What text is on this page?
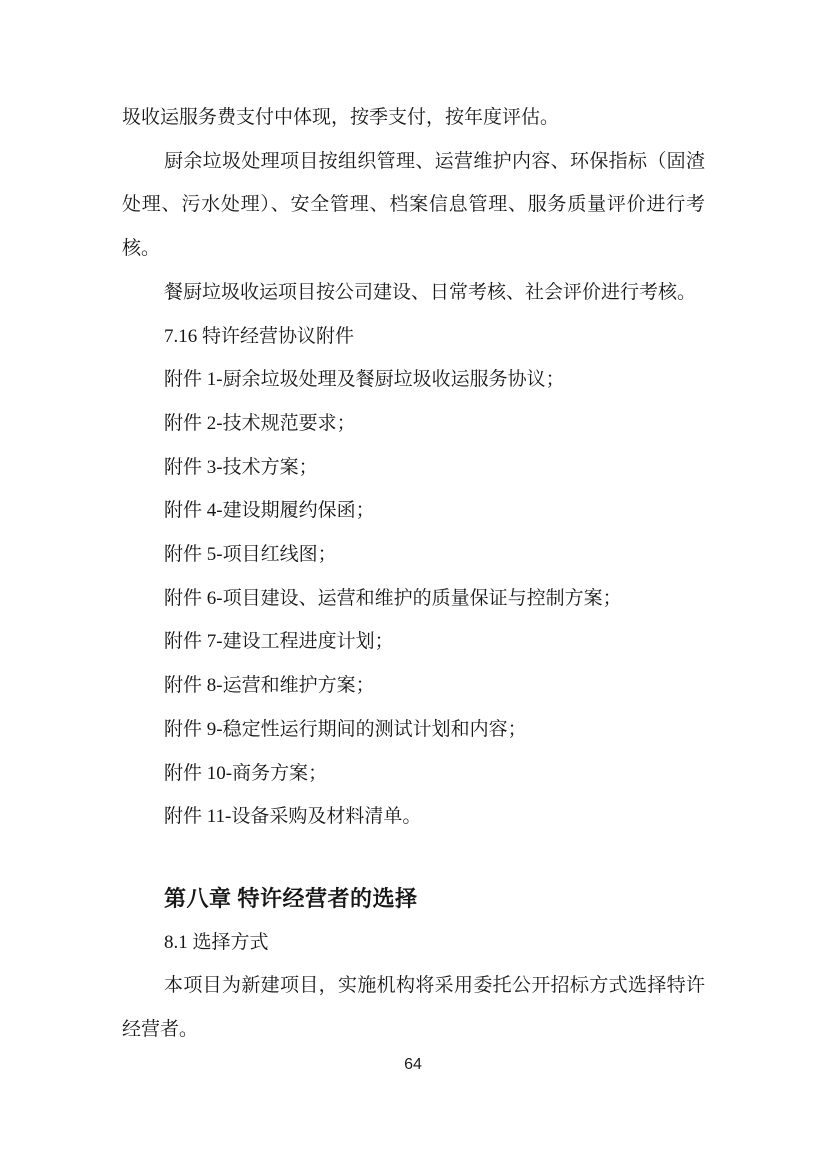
圾收运服务费支付中体现，按季支付，按年度评估。
厨余垃圾处理项目按组织管理、运营维护内容、环保指标（固渣
处理、污水处理）、安全管理、档案信息管理、服务质量评价进行考
核。
餐厨垃圾收运项目按公司建设、日常考核、社会评价进行考核。
7.16 特许经营协议附件
附件 1-厨余垃圾处理及餐厨垃圾收运服务协议；
附件 2-技术规范要求；
附件 3-技术方案；
附件 4-建设期履约保函；
附件 5-项目红线图；
附件 6-项目建设、运营和维护的质量保证与控制方案；
附件 7-建设工程进度计划；
附件 8-运营和维护方案；
附件 9-稳定性运行期间的测试计划和内容；
附件 10-商务方案；
附件 11-设备采购及材料清单。
第八章 特许经营者的选择
8.1 选择方式
本项目为新建项目，实施机构将采用委托公开招标方式选择特许
经营者。
64
